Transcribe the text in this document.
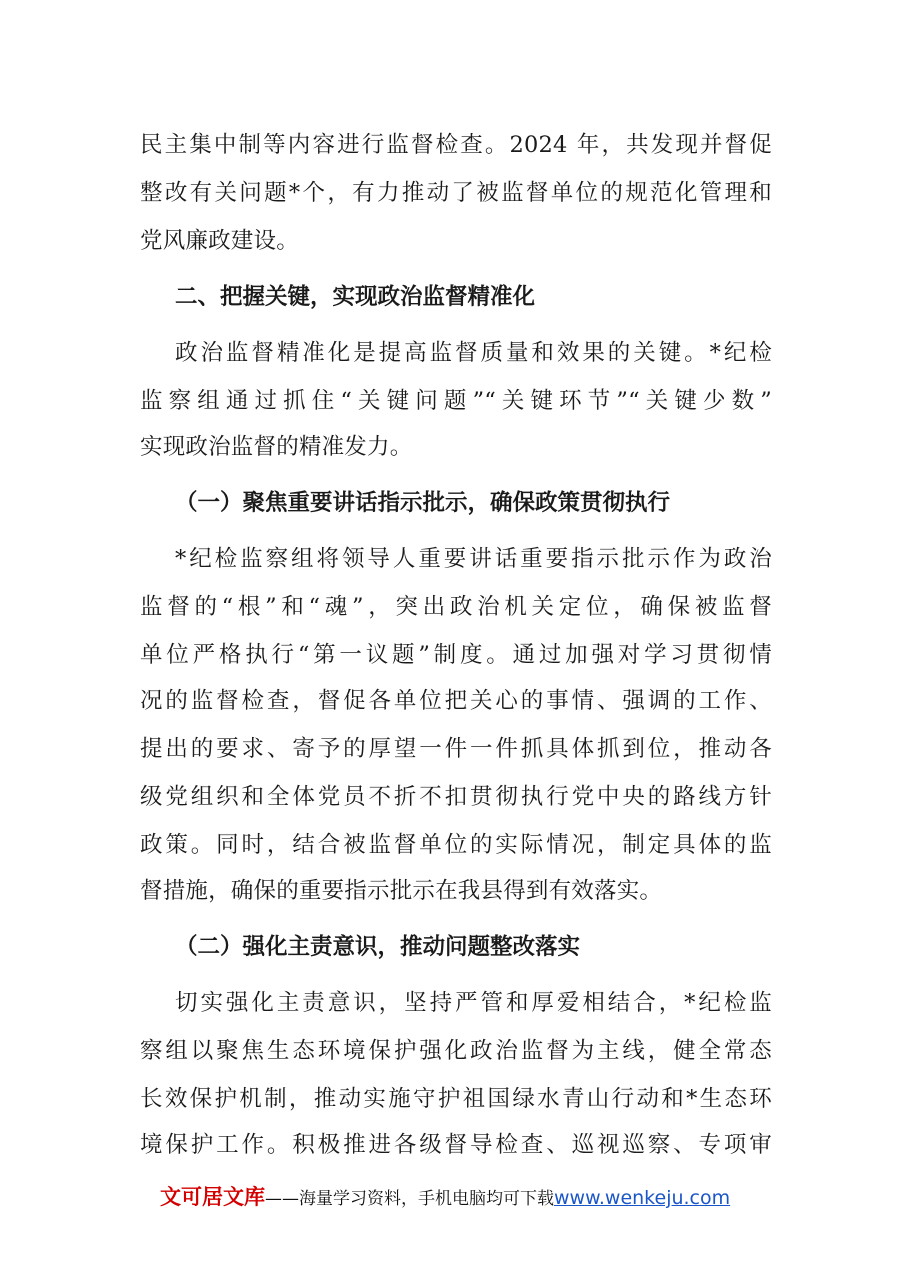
民主集中制等内容进行监督检查。2024 年，共发现并督促
整改有关问题*个，有力推动了被监督单位的规范化管理和
党风廉政建设。
二、把握关键，实现政治监督精准化
政治监督精准化是提高监督质量和效果的关键。*纪检
监察组通过抓住“关键问题”“关键环节”“关键少数”
实现政治监督的精准发力。
（一）聚焦重要讲话指示批示，确保政策贯彻执行
*纪检监察组将领导人重要讲话重要指示批示作为政治
监督的“根”和“魂”，突出政治机关定位，确保被监督
单位严格执行“第一议题”制度。通过加强对学习贯彻情
况的监督检查，督促各单位把关心的事情、强调的工作、
提出的要求、寄予的厚望一件一件抓具体抓到位，推动各
级党组织和全体党员不折不扣贯彻执行党中央的路线方针
政策。同时，结合被监督单位的实际情况，制定具体的监
督措施，确保的重要指示批示在我县得到有效落实。
（二）强化主责意识，推动问题整改落实
切实强化主责意识，坚持严管和厚爱相结合，*纪检监
察组以聚焦生态环境保护强化政治监督为主线，健全常态
长效保护机制，推动实施守护祖国绿水青山行动和*生态环
境保护工作。积极推进各级督导检查、巡视巡察、专项审
文可居文库——海量学习资料，手机电脑均可下载www.wenkeju.com
